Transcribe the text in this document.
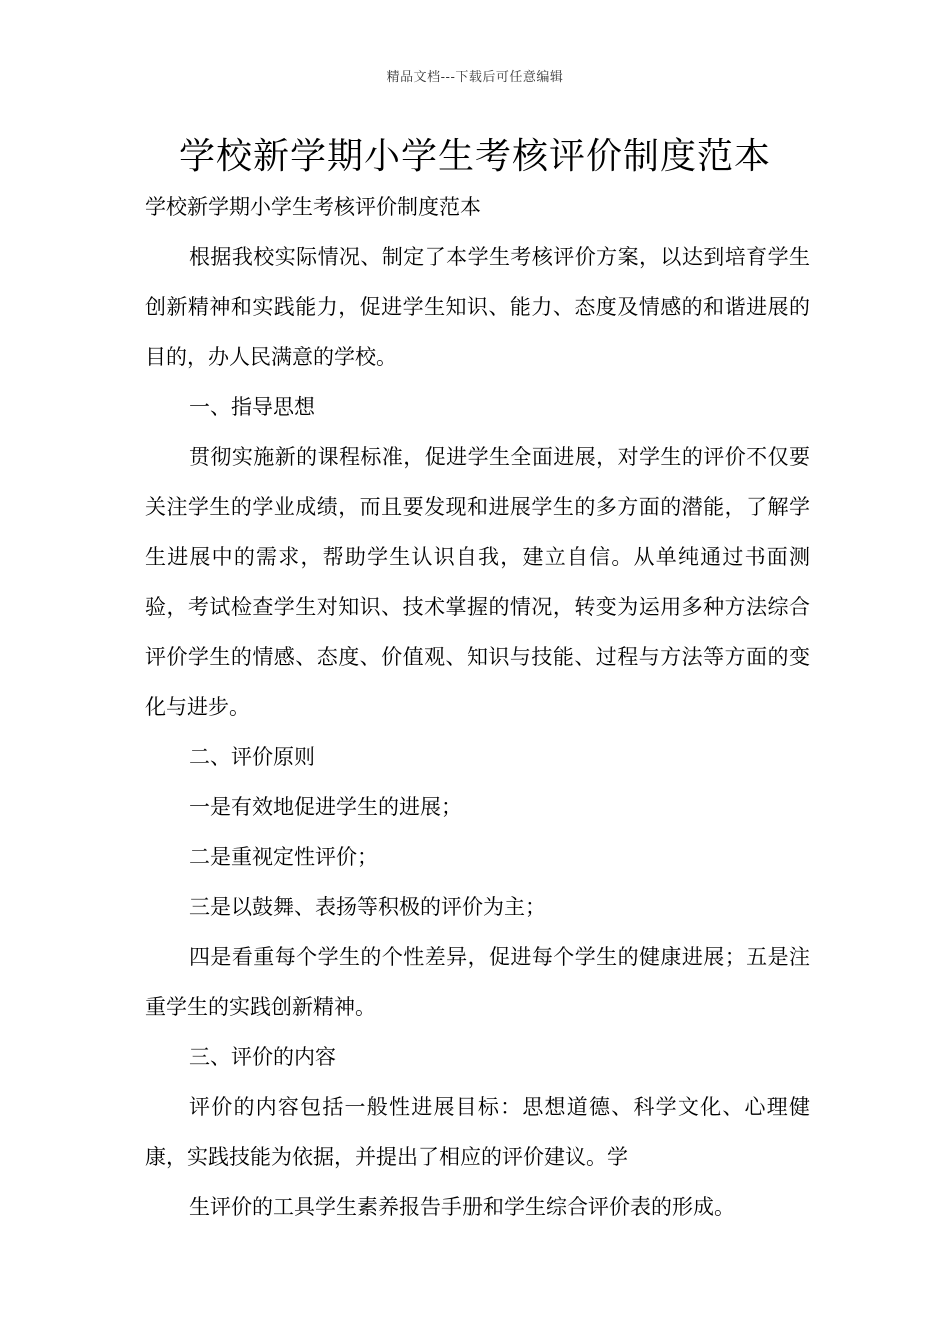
精品文档---下载后可任意编辑
学校新学期小学生考核评价制度范本

学校新学期小学生考核评价制度范本

根据我校实际情况、制定了本学生考核评价方案，以达到培育学生创新精神和实践能力，促进学生知识、能力、态度及情感的和谐进展的目的，办人民满意的学校。

一、指导思想

贯彻实施新的课程标准，促进学生全面进展，对学生的评价不仅要关注学生的学业成绩，而且要发现和进展学生的多方面的潜能，了解学生进展中的需求，帮助学生认识自我，建立自信。从单纯通过书面测验，考试检查学生对知识、技术掌握的情况，转变为运用多种方法综合评价学生的情感、态度、价值观、知识与技能、过程与方法等方面的变化与进步。

二、评价原则

一是有效地促进学生的进展；

二是重视定性评价；

三是以鼓舞、表扬等积极的评价为主；

四是看重每个学生的个性差异，促进每个学生的健康进展；五是注重学生的实践创新精神。

三、评价的内容

评价的内容包括一般性进展目标：思想道德、科学文化、心理健康，实践技能为依据，并提出了相应的评价建议。学

生评价的工具学生素养报告手册和学生综合评价表的形成。
